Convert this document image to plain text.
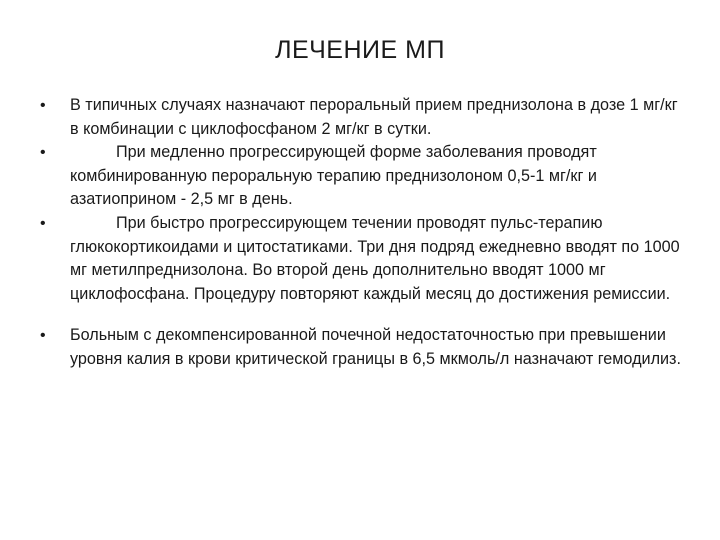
ЛЕЧЕНИЕ МП
• В типичных случаях назначают пероральный прием преднизолона в дозе 1 мг/кг в комбинации с циклофосфаном 2 мг/кг в сутки.
•	При медленно прогрессирующей форме заболевания проводят комбинированную пероральную терапию преднизолоном 0,5-1 мг/кг и азатиоприном - 2,5 мг в день.
•	При быстро прогрессирующем течении проводят пульс-терапию глюкокортикоидами и цитостатиками. Три дня подряд ежедневно вводят по 1000 мг метилпреднизолона. Во второй день дополнительно вводят 1000 мг циклофосфана. Процедуру повторяют каждый месяц до достижения ремиссии.
• Больным с декомпенсированной почечной недостаточностью при превышении уровня калия в крови критической границы в 6,5 мкмоль/л назначают гемодилиз.
